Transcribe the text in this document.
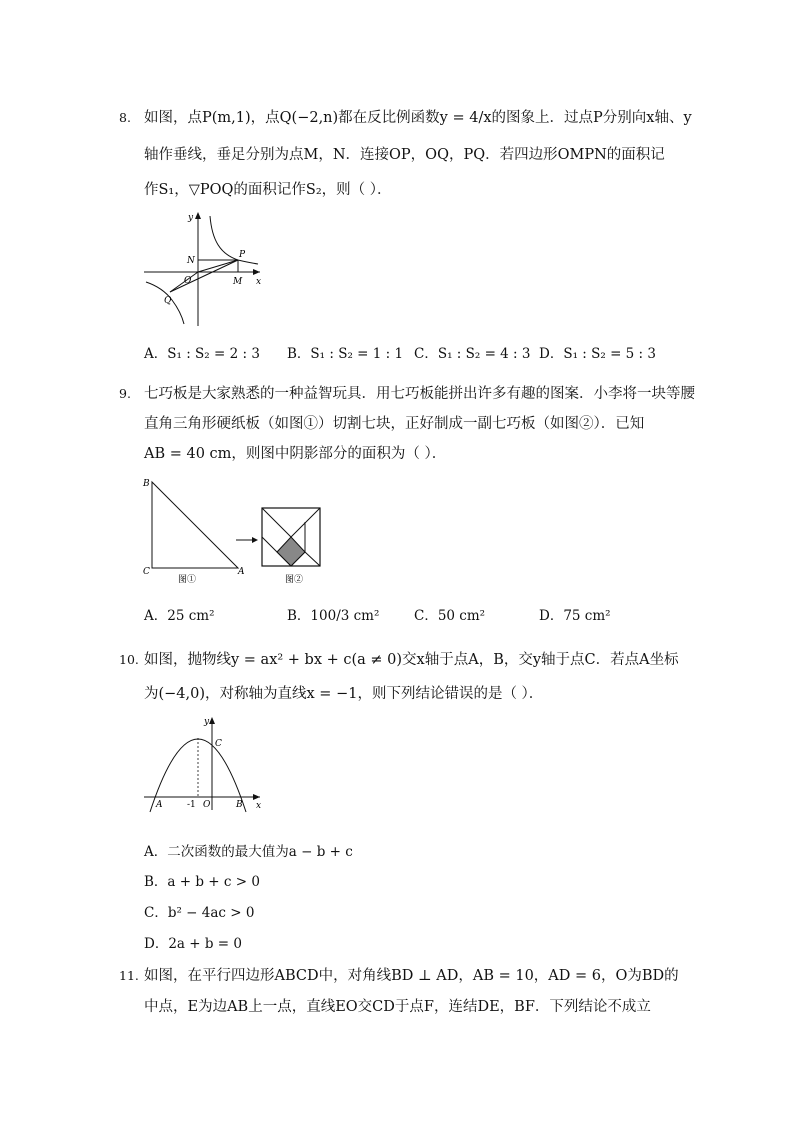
8. 如图，点P(m,1)，点Q(−2,n)都在反比例函数y = 4/x的图象上．过点P分别向x轴、y
轴作垂线，垂足分别为点M，N．连接OP，OQ，PQ．若四边形OMPN的面积记
作S₁，▽POQ的面积记作S₂，则（ ）．
y
x
N
P
O	M
Q
A．S₁ : S₂ = 2 : 3 B．S₁ : S₂ = 1 : 1 C．S₁ : S₂ = 4 : 3 D．S₁ : S₂ = 5 : 3
9. 七巧板是大家熟悉的一种益智玩具．用七巧板能拼出许多有趣的图案．小李将一块等腰
直角三角形硬纸板（如图①）切割七块，正好制成一副七巧板（如图②）．已知
AB = 40 cm，则图中阴影部分的面积为（ ）．
B
C	A
图①	图②
A．25 cm²	B．100/3 cm²	C．50 cm²	D．75 cm²
10. 如图，抛物线y = ax² + bx + c(a ≠ 0)交x轴于点A，B，交y轴于点C．若点A坐标
为(−4,0)，对称轴为直线x = −1，则下列结论错误的是（ ）．
y
C
A	-1 O	B x
A．二次函数的最大值为a − b + c
B．a + b + c > 0
C．b² − 4ac > 0
D．2a + b = 0
11. 如图，在平行四边形ABCD中，对角线BD ⊥ AD，AB = 10，AD = 6，O为BD的
中点，E为边AB上一点，直线EO交CD于点F，连结DE，BF．下列结论不成立
